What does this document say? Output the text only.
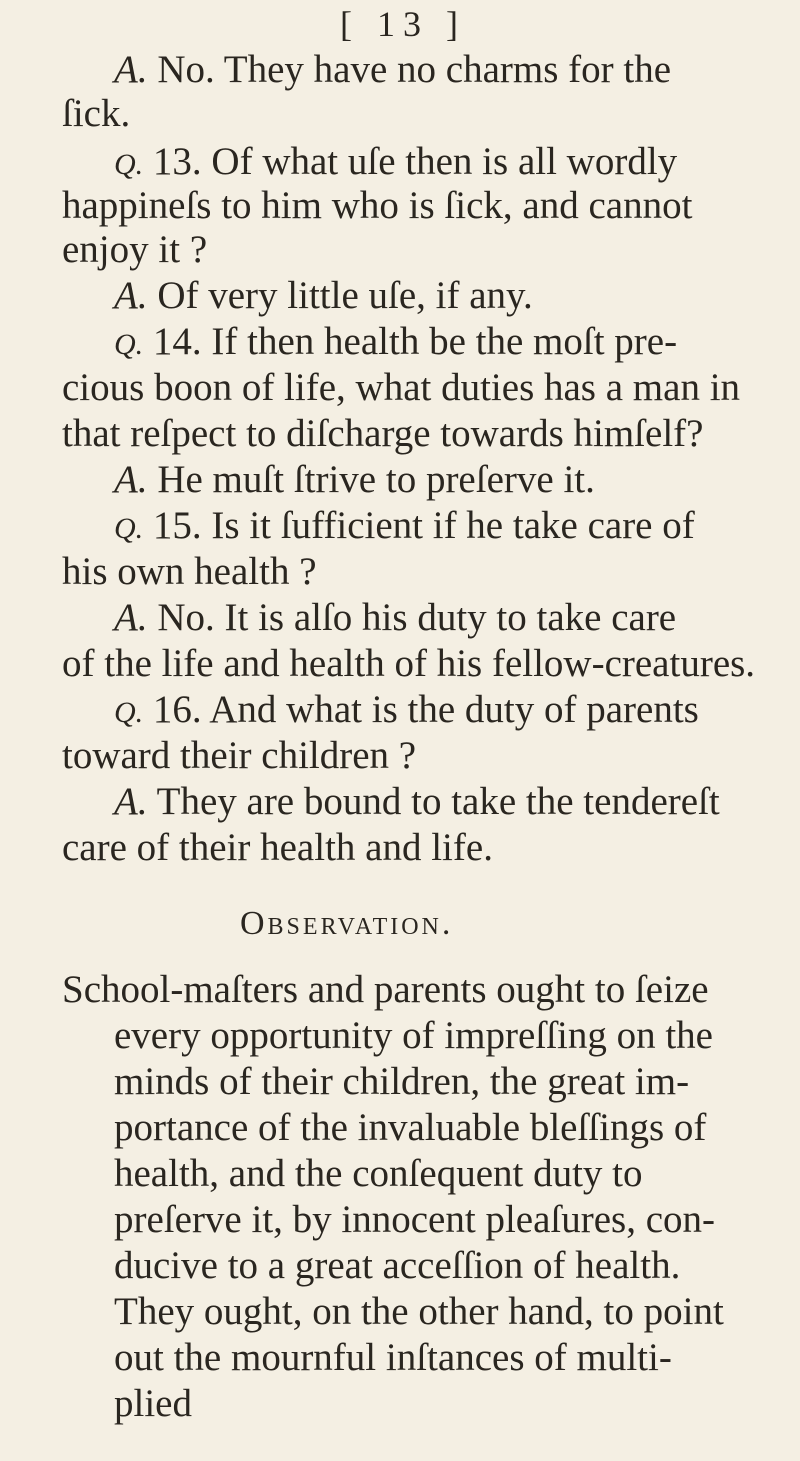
[ 13 ]
A. No. They have no charms for the
ſick.
Q. 13. Of what uſe then is all wordly
happineſs to him who is ſick, and cannot
enjoy it ?
A. Of very little uſe, if any.
Q. 14. If then health be the moſt pre-
cious boon of life, what duties has a man in
that reſpect to diſcharge towards himſelf?
A. He muſt ſtrive to preſerve it.
Q. 15. Is it ſufficient if he take care of
his own health ?
A. No. It is alſo his duty to take care
of the life and health of his fellow-creatures.
Q. 16. And what is the duty of parents
toward their children ?
A. They are bound to take the tendereſt
care of their health and life.
Observation.
School-maſters and parents ought to ſeize
every opportunity of impreſſing on the
minds of their children, the great im-
portance of the invaluable bleſſings of
health, and the conſequent duty to
preſerve it, by innocent pleaſures, con-
ducive to a great acceſſion of health.
They ought, on the other hand, to point
out the mournful inſtances of multi-
plied
